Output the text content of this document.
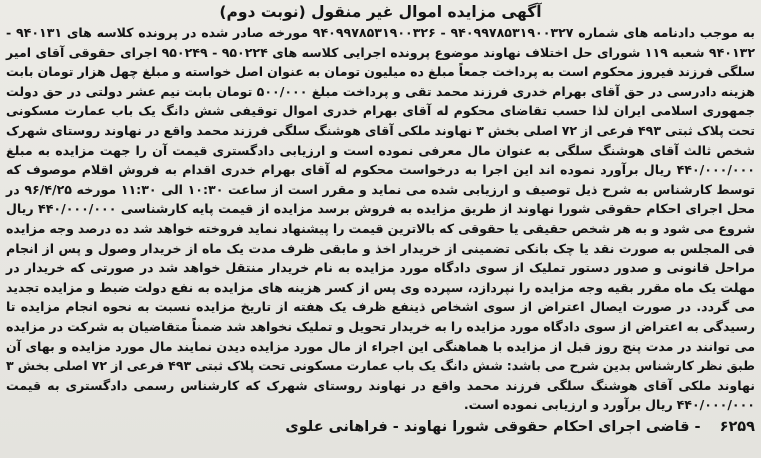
آگهی مزایده اموال غیر منقول (نوبت دوم)

به موجب دادنامه های شماره ۹۴۰۹۹۷۸۵۳۱۹۰۰۳۲۷ - ۹۴۰۹۹۷۸۵۳۱۹۰۰۳۲۶ مورخه صادر شده در پرونده کلاسه های ۹۴۰۱۳۱ - ۹۴۰۱۳۲ شعبه ۱۱۹ شورای حل اختلاف نهاوند موضوع پرونده اجرایی کلاسه های ۹۵۰۲۲۴ - ۹۵۰۲۴۹ اجرای حقوقی آقای امیر سلگی فرزند فیروز محکوم است به پرداخت جمعاً مبلغ ده میلیون تومان به عنوان اصل خواسته و مبلغ چهل هزار تومان بابت هزینه دادرسی در حق آقای بهرام خدری فرزند محمد تقی و پرداخت مبلغ ۵۰۰/۰۰۰ تومان بابت نیم عشر دولتی در حق دولت جمهوری اسلامی ایران لذا حسب تقاضای محکوم له آقای بهرام خدری اموال توقیفی شش دانگ یک باب عمارت مسکونی تحت پلاک ثبتی ۴۹۳ فرعی از ۷۲ اصلی بخش ۳ نهاوند ملکی آقای هوشنگ سلگی فرزند محمد واقع در نهاوند روستای شهرک شخص ثالث آقای هوشنگ سلگی به عنوان مال معرفی نموده است و ارزیابی دادگستری قیمت آن را جهت مزایده به مبلغ ۴۴۰/۰۰۰/۰۰۰ ریال برآورد نموده اند این اجرا به درخواست محکوم له آقای بهرام خدری اقدام به فروش اقلام موصوف که توسط کارشناس به شرح ذیل توصیف و ارزیابی شده می نماید و مقرر است از ساعت ۱۰:۳۰ الی ۱۱:۳۰ مورخه ۹۶/۴/۲۵ در محل اجرای احکام حقوقی شورا نهاوند از طریق مزایده به فروش برسد مزایده از قیمت پایه کارشناسی ۴۴۰/۰۰۰/۰۰۰ ریال شروع می شود و به هر شخص حقیقی یا حقوقی که بالاترین قیمت را پیشنهاد نماید فروخته خواهد شد ده درصد وجه مزایده فی المجلس به صورت نقد یا چک بانکی تضمینی از خریدار اخذ و مابقی ظرف مدت یک ماه از خریدار وصول و پس از انجام مراحل قانونی و صدور دستور تملیک از سوی دادگاه مورد مزایده به نام خریدار منتقل خواهد شد در صورتی که خریدار در مهلت یک ماه مقرر بقیه وجه مزایده را نپردازد، سپرده وی پس از کسر هزینه های مزایده به نفع دولت ضبط و مزایده تجدید می گردد. در صورت ایصال اعتراض از سوی اشخاص ذینفع ظرف یک هفته از تاریخ مزایده نسبت به نحوه انجام مزایده تا رسیدگی به اعتراض از سوی دادگاه مورد مزایده را به خریدار تحویل و تملیک نخواهد شد ضمناً متقاضیان به شرکت در مزایده می توانند در مدت پنج روز قبل از مزایده با هماهنگی این اجراء از مال مورد مزایده دیدن نمایند مال مورد مزایده و بهای آن طبق نظر کارشناس بدین شرح می باشد: شش دانگ یک باب عمارت مسکونی تحت پلاک ثبتی ۴۹۳ فرعی از ۷۲ اصلی بخش ۳ نهاوند ملکی آقای هوشنگ سلگی فرزند محمد واقع در نهاوند روستای شهرک که کارشناس رسمی دادگستری به قیمت ۴۴۰/۰۰۰/۰۰۰ ریال برآورد و ارزیابی نموده است.

۶۲۵۹ - قاضی اجرای احکام حقوقی شورا نهاوند - فراهانی علوی
